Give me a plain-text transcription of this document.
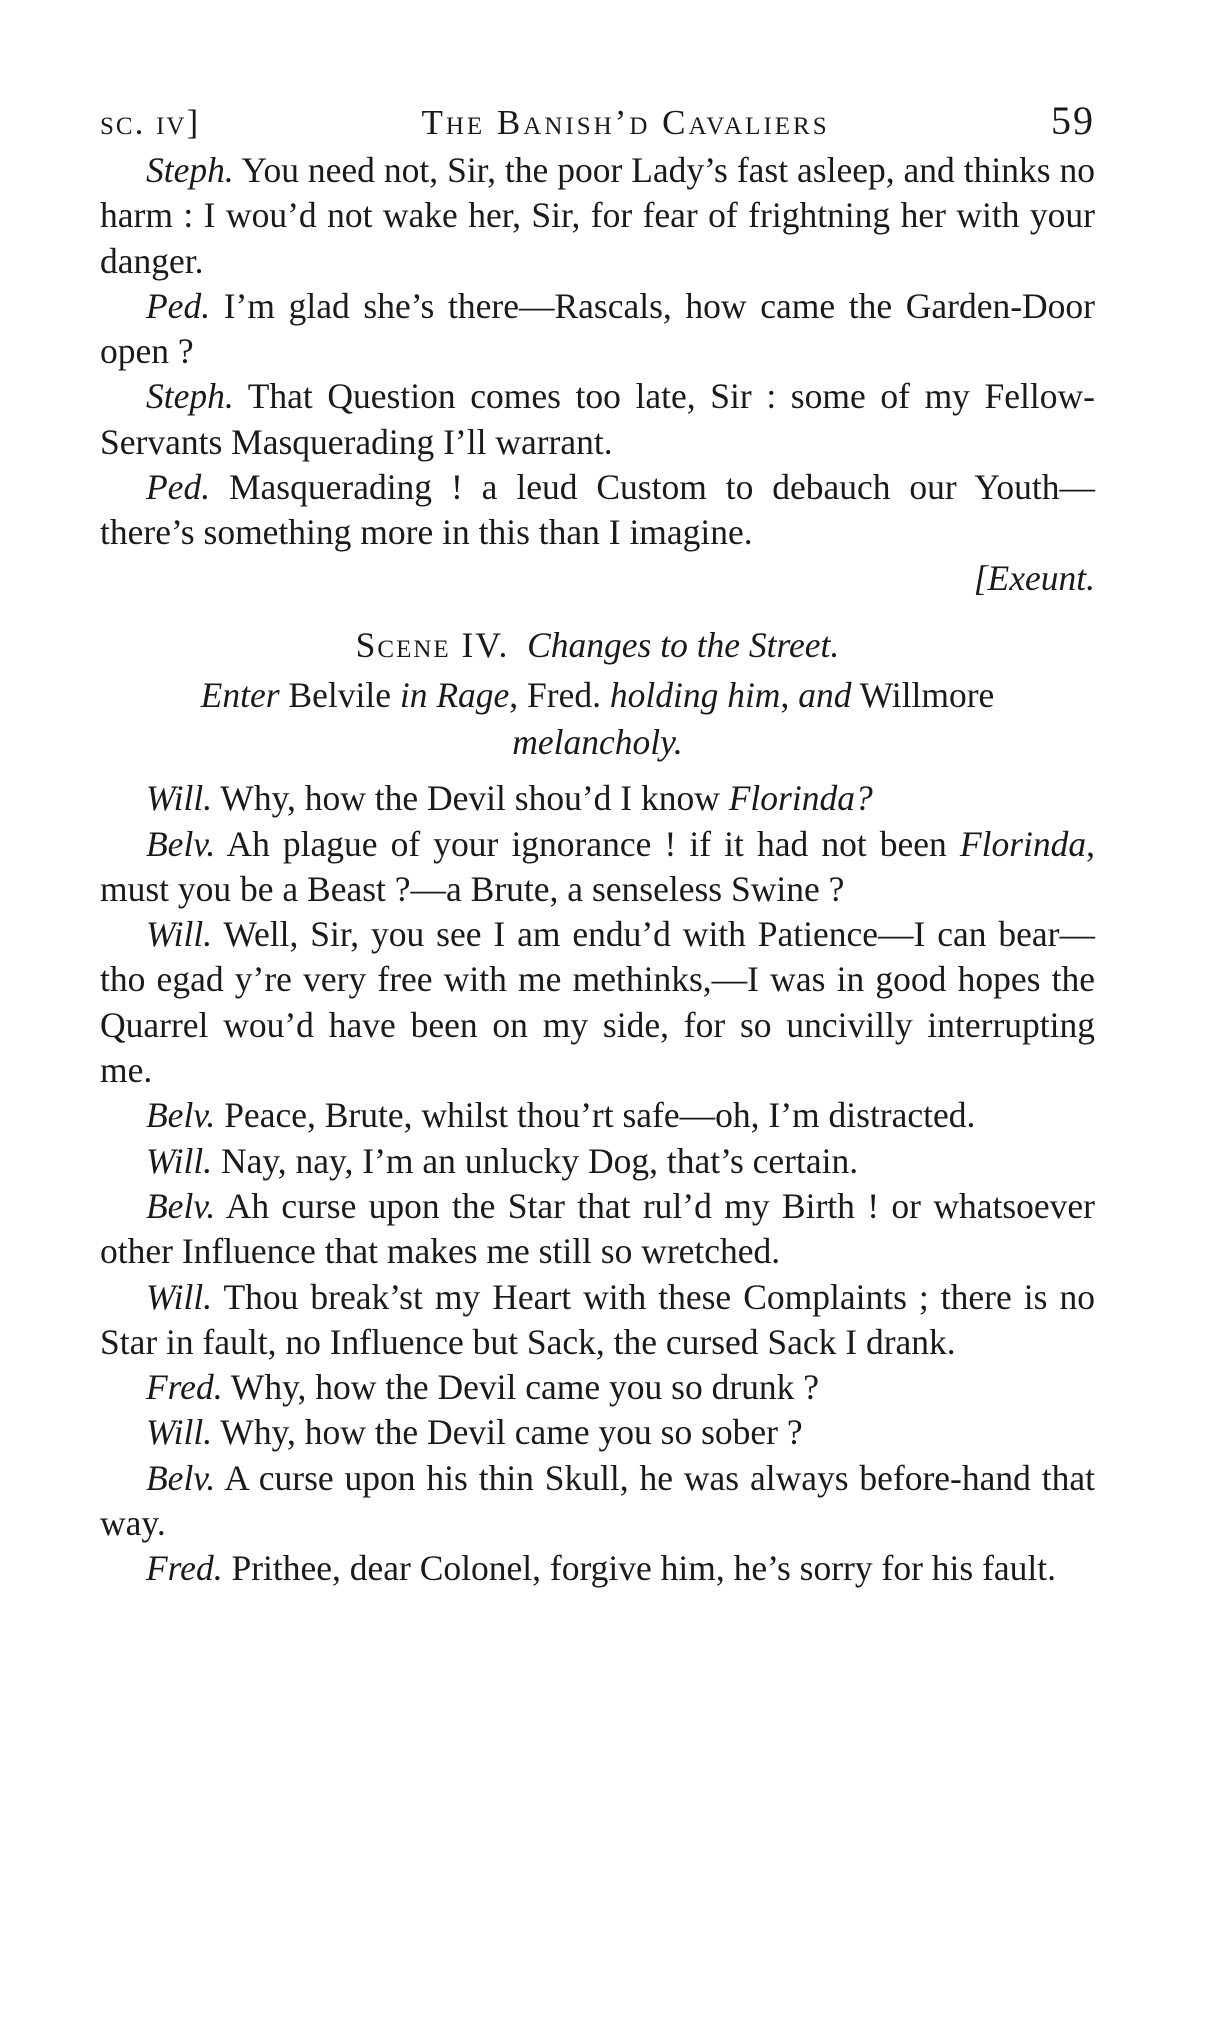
sc. iv]	The Banish’d Cavaliers	59

Steph. You need not, Sir, the poor Lady’s fast asleep, and thinks no harm : I wou’d not wake her, Sir, for fear of frightning her with your danger.

Ped. I’m glad she’s there—Rascals, how came the Garden-Door open ?

Steph. That Question comes too late, Sir : some of my Fellow-Servants Masquerading I’ll warrant.

Ped. Masquerading ! a leud Custom to debauch our Youth—there’s something more in this than I imagine.

[Exeunt.

Scene IV. Changes to the Street.

Enter Belvile in Rage, Fred. holding him, and Willmore
melancholy.

Will. Why, how the Devil shou’d I know Florinda?

Belv. Ah plague of your ignorance ! if it had not been Florinda, must you be a Beast ?—a Brute, a senseless Swine ?

Will. Well, Sir, you see I am endu’d with Patience—I can bear—tho egad y’re very free with me methinks,—I was in good hopes the Quarrel wou’d have been on my side, for so uncivilly interrupting me.

Belv. Peace, Brute, whilst thou’rt safe—oh, I’m distracted.

Will. Nay, nay, I’m an unlucky Dog, that’s certain.

Belv. Ah curse upon the Star that rul’d my Birth ! or whatsoever other Influence that makes me still so wretched.

Will. Thou break’st my Heart with these Complaints ; there is no Star in fault, no Influence but Sack, the cursed Sack I drank.

Fred. Why, how the Devil came you so drunk ?

Will. Why, how the Devil came you so sober ?

Belv. A curse upon his thin Skull, he was always before-hand that way.

Fred. Prithee, dear Colonel, forgive him, he’s sorry for his fault.
